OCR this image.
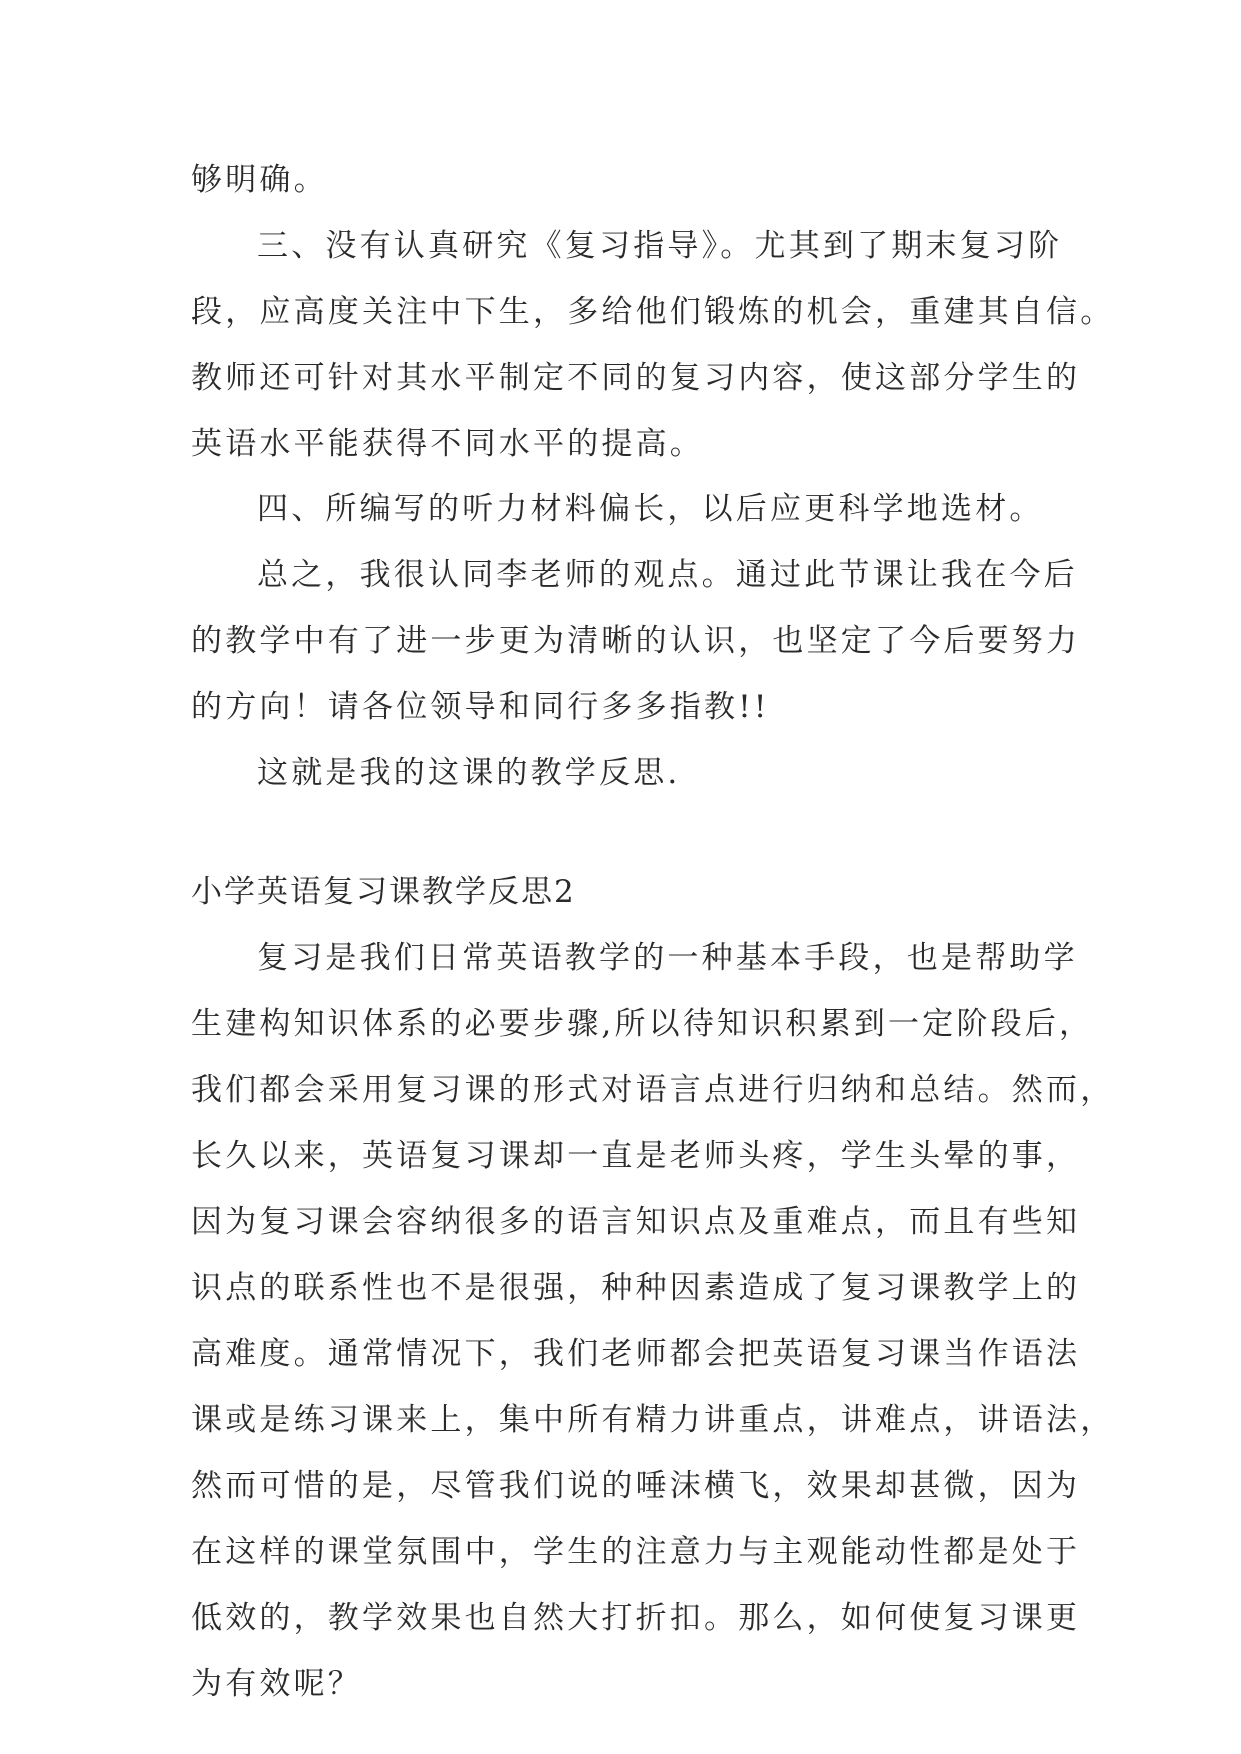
够明确。
三、没有认真研究《复习指导》。尤其到了期末复习阶
段，应高度关注中下生，多给他们锻炼的机会，重建其自信。
教师还可针对其水平制定不同的复习内容，使这部分学生的
英语水平能获得不同水平的提高。
四、所编写的听力材料偏长，以后应更科学地选材。
总之，我很认同李老师的观点。通过此节课让我在今后
的教学中有了进一步更为清晰的认识，也坚定了今后要努力
的方向！请各位领导和同行多多指教!!
这就是我的这课的教学反思.
小学英语复习课教学反思2
复习是我们日常英语教学的一种基本手段，也是帮助学
生建构知识体系的必要步骤,所以待知识积累到一定阶段后，
我们都会采用复习课的形式对语言点进行归纳和总结。然而，
长久以来，英语复习课却一直是老师头疼，学生头晕的事，
因为复习课会容纳很多的语言知识点及重难点，而且有些知
识点的联系性也不是很强，种种因素造成了复习课教学上的
高难度。通常情况下，我们老师都会把英语复习课当作语法
课或是练习课来上，集中所有精力讲重点，讲难点，讲语法，
然而可惜的是，尽管我们说的唾沫横飞，效果却甚微，因为
在这样的课堂氛围中，学生的注意力与主观能动性都是处于
低效的，教学效果也自然大打折扣。那么，如何使复习课更
为有效呢？
